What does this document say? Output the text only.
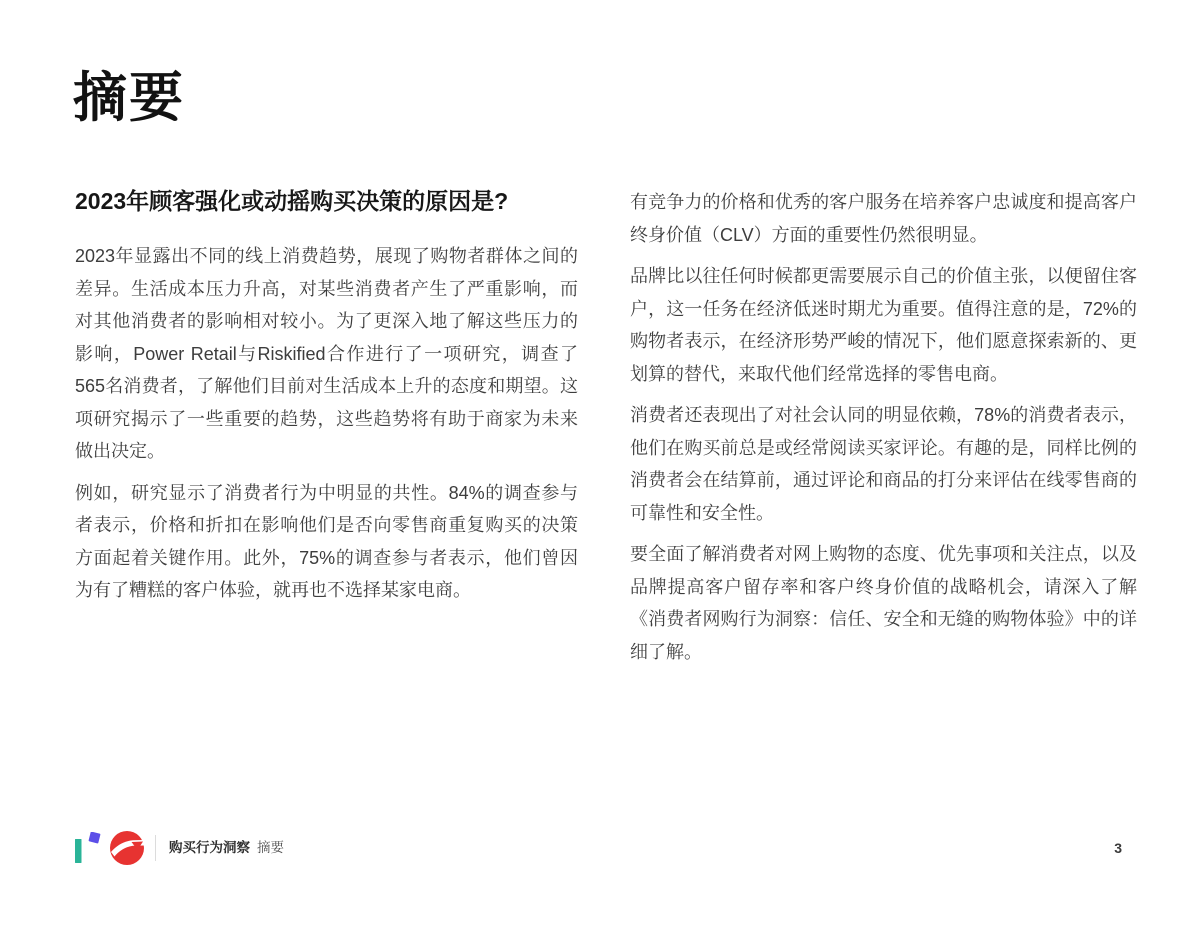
摘要
2023年顾客强化或动摇购买决策的原因是?

2023年显露出不同的线上消费趋势，展现了购物者群体之间的差异。生活成本压力升高，对某些消费者产生了严重影响，而对其他消费者的影响相对较小。为了更深入地了解这些压力的影响，Power Retail与Riskified合作进行了一项研究，调查了565名消费者，了解他们目前对生活成本上升的态度和期望。这项研究揭示了一些重要的趋势，这些趋势将有助于商家为未来做出决定。

例如，研究显示了消费者行为中明显的共性。84%的调查参与者表示，价格和折扣在影响他们是否向零售商重复购买的决策方面起着关键作用。此外，75%的调查参与者表示，他们曾因为有了糟糕的客户体验，就再也不选择某家电商。

有竞争力的价格和优秀的客户服务在培养客户忠诚度和提高客户终身价值（CLV）方面的重要性仍然很明显。

品牌比以往任何时候都更需要展示自己的价值主张，以便留住客户，这一任务在经济低迷时期尤为重要。值得注意的是，72%的购物者表示，在经济形势严峻的情况下，他们愿意探索新的、更划算的替代，来取代他们经常选择的零售电商。

消费者还表现出了对社会认同的明显依赖，78%的消费者表示，他们在购买前总是或经常阅读买家评论。有趣的是，同样比例的消费者会在结算前，通过评论和商品的打分来评估在线零售商的可靠性和安全性。

要全面了解消费者对网上购物的态度、优先事项和关注点，以及品牌提高客户留存率和客户终身价值的战略机会，请深入了解《消费者网购行为洞察：信任、安全和无缝的购物体验》中的详细了解。

购买行为洞察 摘要	3
